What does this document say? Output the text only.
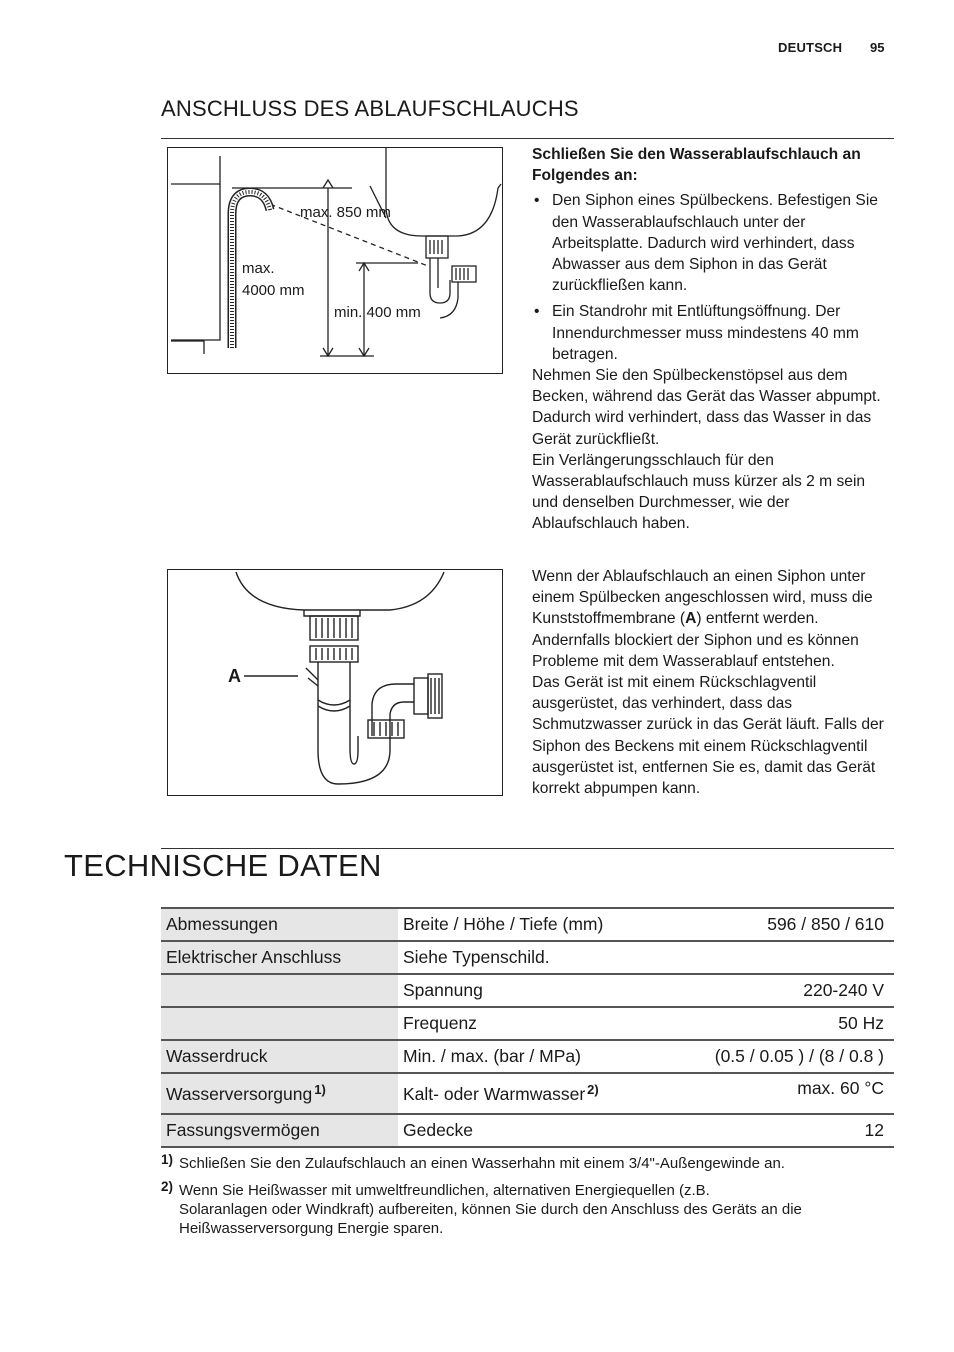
DEUTSCH 95
ANSCHLUSS DES ABLAUFSCHLAUCHS
max. 850 mm
max.
4000 mm
min. 400 mm

Schließen Sie den Wasserablaufschlauch an Folgendes an:

• Den Siphon eines Spülbeckens. Befestigen Sie den Wasserablaufschlauch unter der Arbeitsplatte. Dadurch wird verhindert, dass Abwasser aus dem Siphon in das Gerät zurückfließen kann.
• Ein Standrohr mit Entlüftungsöffnung. Der Innendurchmesser muss mindestens 40 mm betragen.

Nehmen Sie den Spülbeckenstöpsel aus dem Becken, während das Gerät das Wasser abpumpt. Dadurch wird verhindert, dass das Wasser in das Gerät zurückfließt.

Ein Verlängerungsschlauch für den Wasserablaufschlauch muss kürzer als 2 m sein und denselben Durchmesser, wie der Ablaufschlauch haben.

A

Wenn der Ablaufschlauch an einen Siphon unter einem Spülbecken angeschlossen wird, muss die Kunststoffmembrane (A) entfernt werden. Andernfalls blockiert der Siphon und es können Probleme mit dem Wasserablauf entstehen.

Das Gerät ist mit einem Rückschlagventil ausgerüstet, das verhindert, dass das Schmutzwasser zurück in das Gerät läuft. Falls der Siphon des Beckens mit einem Rückschlagventil ausgerüstet ist, entfernen Sie es, damit das Gerät korrekt abpumpen kann.

TECHNISCHE DATEN
Abmessungen	Breite / Höhe / Tiefe (mm)	596 / 850 / 610
Elektrischer Anschluss	Siehe Typenschild.	
	Spannung	220-240 V
	Frequenz	50 Hz
Wasserdruck	Min. / max. (bar / MPa)	(0.5 / 0.05 ) / (8 / 0.8 )
Wasserversorgung $^{1)}$	Kalt- oder Warmwasser $^{2)}$	max. 60 °C
Fassungsvermögen	Gedecke	12
1) Schließen Sie den Zulaufschlauch an einen Wasserhahn mit einem 3/4"-Außengewinde an.
2) Wenn Sie Heißwasser mit umweltfreundlichen, alternativen Energiequellen (z.B.
Solaranlagen oder Windkraft) aufbereiten, können Sie durch den Anschluss des Geräts an die Heißwasserversorgung Energie sparen.
